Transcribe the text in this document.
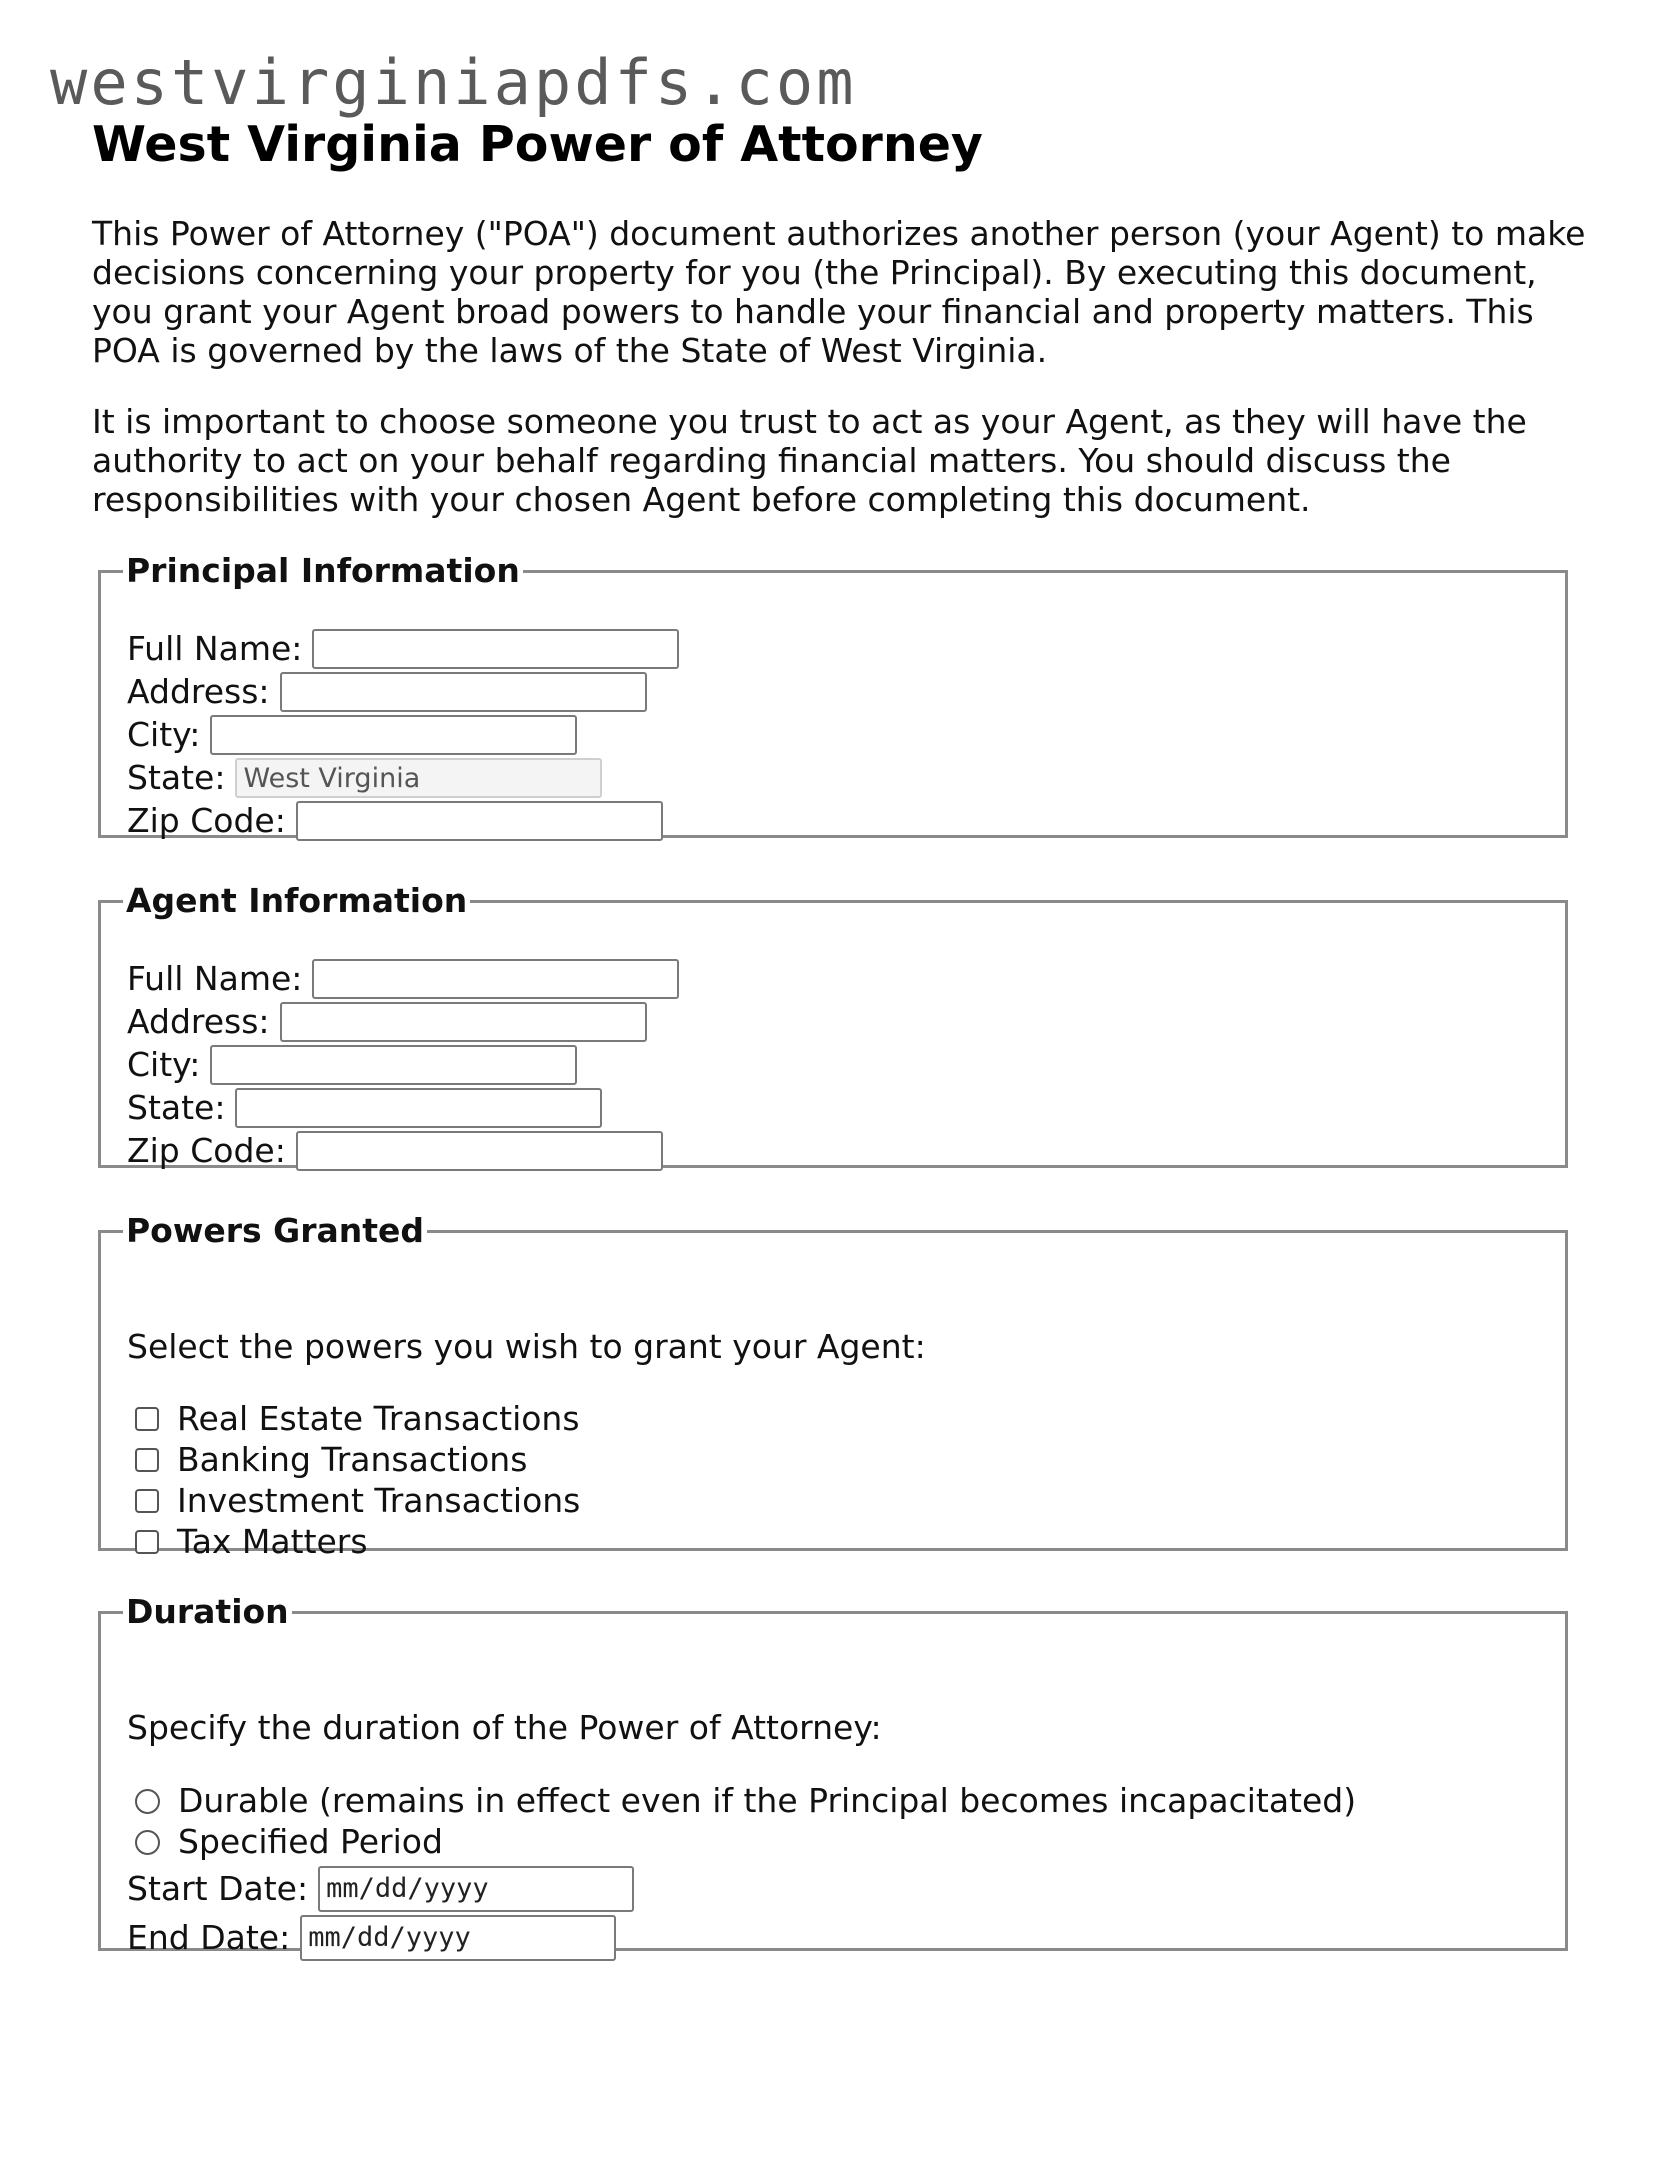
westvirginiapdfs.com
West Virginia Power of Attorney

This Power of Attorney ("POA") document authorizes another person (your Agent) to make decisions concerning your property for you (the Principal). By executing this document, you grant your Agent broad powers to handle your financial and property matters. This POA is governed by the laws of the State of West Virginia.

It is important to choose someone you trust to act as your Agent, as they will have the authority to act on your behalf regarding financial matters. You should discuss the responsibilities with your chosen Agent before completing this document.

Principal Information
Full Name:
Address:
City:
State:
West Virginia
Zip Code:
Agent Information
Full Name:
Address:
City:
State:
Zip Code:
Powers Granted
Select the powers you wish to grant your Agent:
Real Estate Transactions
Banking Transactions
Investment Transactions
Tax Matters
Duration
Specify the duration of the Power of Attorney:
Durable (remains in effect even if the Principal becomes incapacitated)
Specified Period
Start Date: mm/dd/yyyy
End Date: mm/dd/yyyy
